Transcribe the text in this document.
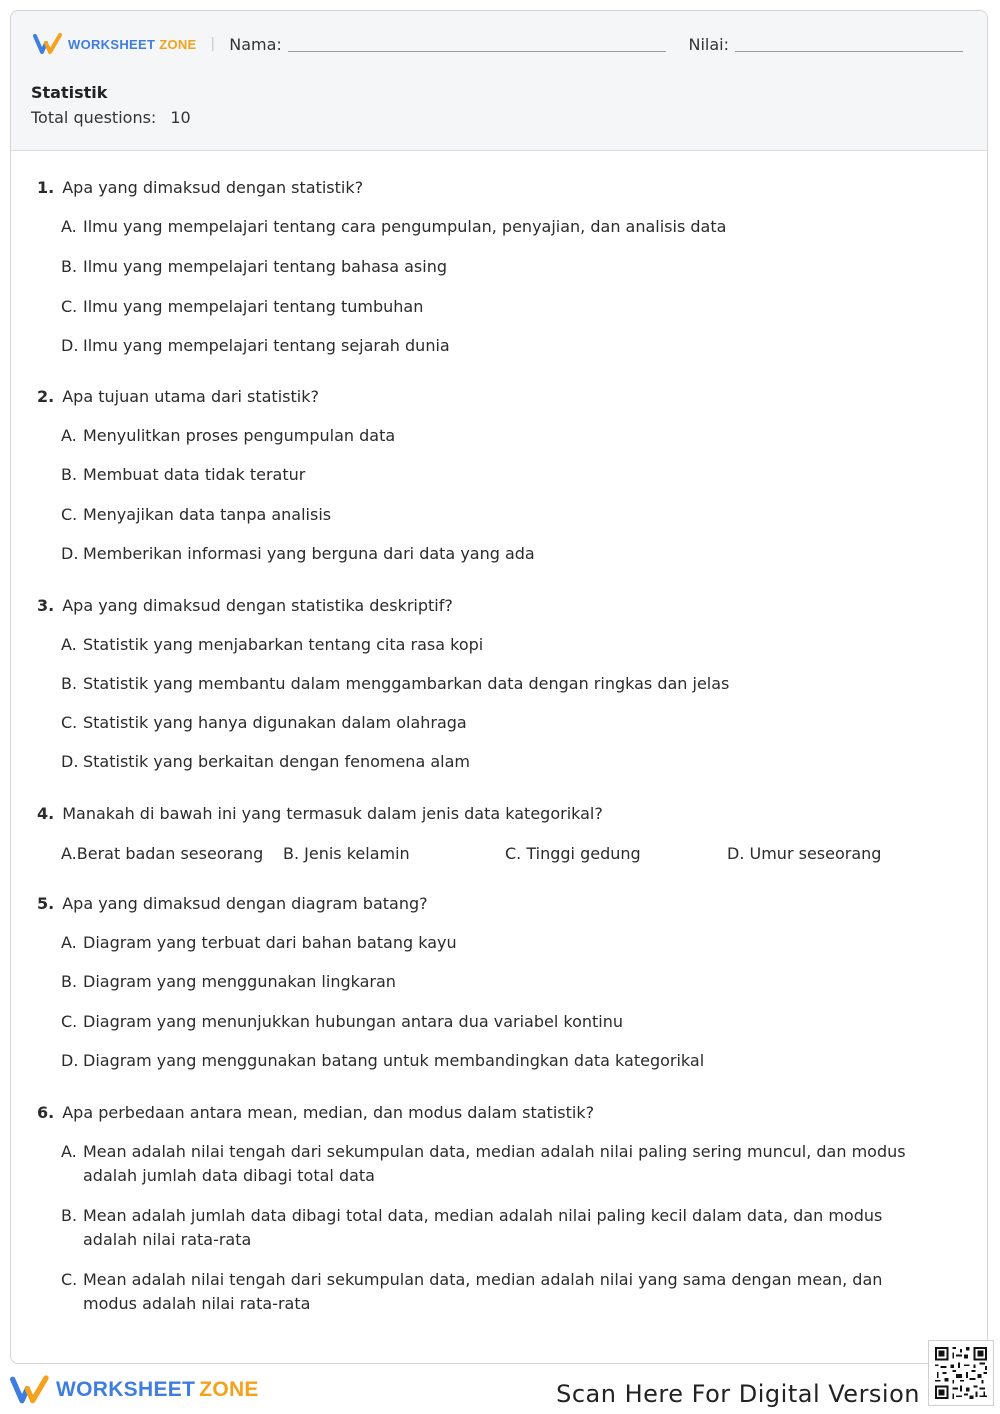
WORKSHEET ZONE | Nama:	Nilai:
Statistik
Total questions: 10
1. Apa yang dimaksud dengan statistik?
A. Ilmu yang mempelajari tentang cara pengumpulan, penyajian, dan analisis data
B. Ilmu yang mempelajari tentang bahasa asing
C. Ilmu yang mempelajari tentang tumbuhan
D. Ilmu yang mempelajari tentang sejarah dunia
2. Apa tujuan utama dari statistik?
A. Menyulitkan proses pengumpulan data
B. Membuat data tidak teratur
C. Menyajikan data tanpa analisis
D. Memberikan informasi yang berguna dari data yang ada
3. Apa yang dimaksud dengan statistika deskriptif?
A. Statistik yang menjabarkan tentang cita rasa kopi
B. Statistik yang membantu dalam menggambarkan data dengan ringkas dan jelas
C. Statistik yang hanya digunakan dalam olahraga
D. Statistik yang berkaitan dengan fenomena alam
4. Manakah di bawah ini yang termasuk dalam jenis data kategorikal?
A.Berat badan seseorang B. Jenis kelamin	C. Tinggi gedung	D. Umur seseorang
5. Apa yang dimaksud dengan diagram batang?
A. Diagram yang terbuat dari bahan batang kayu
B. Diagram yang menggunakan lingkaran
C. Diagram yang menunjukkan hubungan antara dua variabel kontinu
D. Diagram yang menggunakan batang untuk membandingkan data kategorikal
6. Apa perbedaan antara mean, median, dan modus dalam statistik?
A. Mean adalah nilai tengah dari sekumpulan data, median adalah nilai paling sering muncul, dan modus adalah jumlah data dibagi total data
B. Mean adalah jumlah data dibagi total data, median adalah nilai paling kecil dalam data, dan modus adalah nilai rata-rata
C. Mean adalah nilai tengah dari sekumpulan data, median adalah nilai yang sama dengan mean, dan modus adalah nilai rata-rata
WORKSHEET ZONE	Scan Here For Digital Version
